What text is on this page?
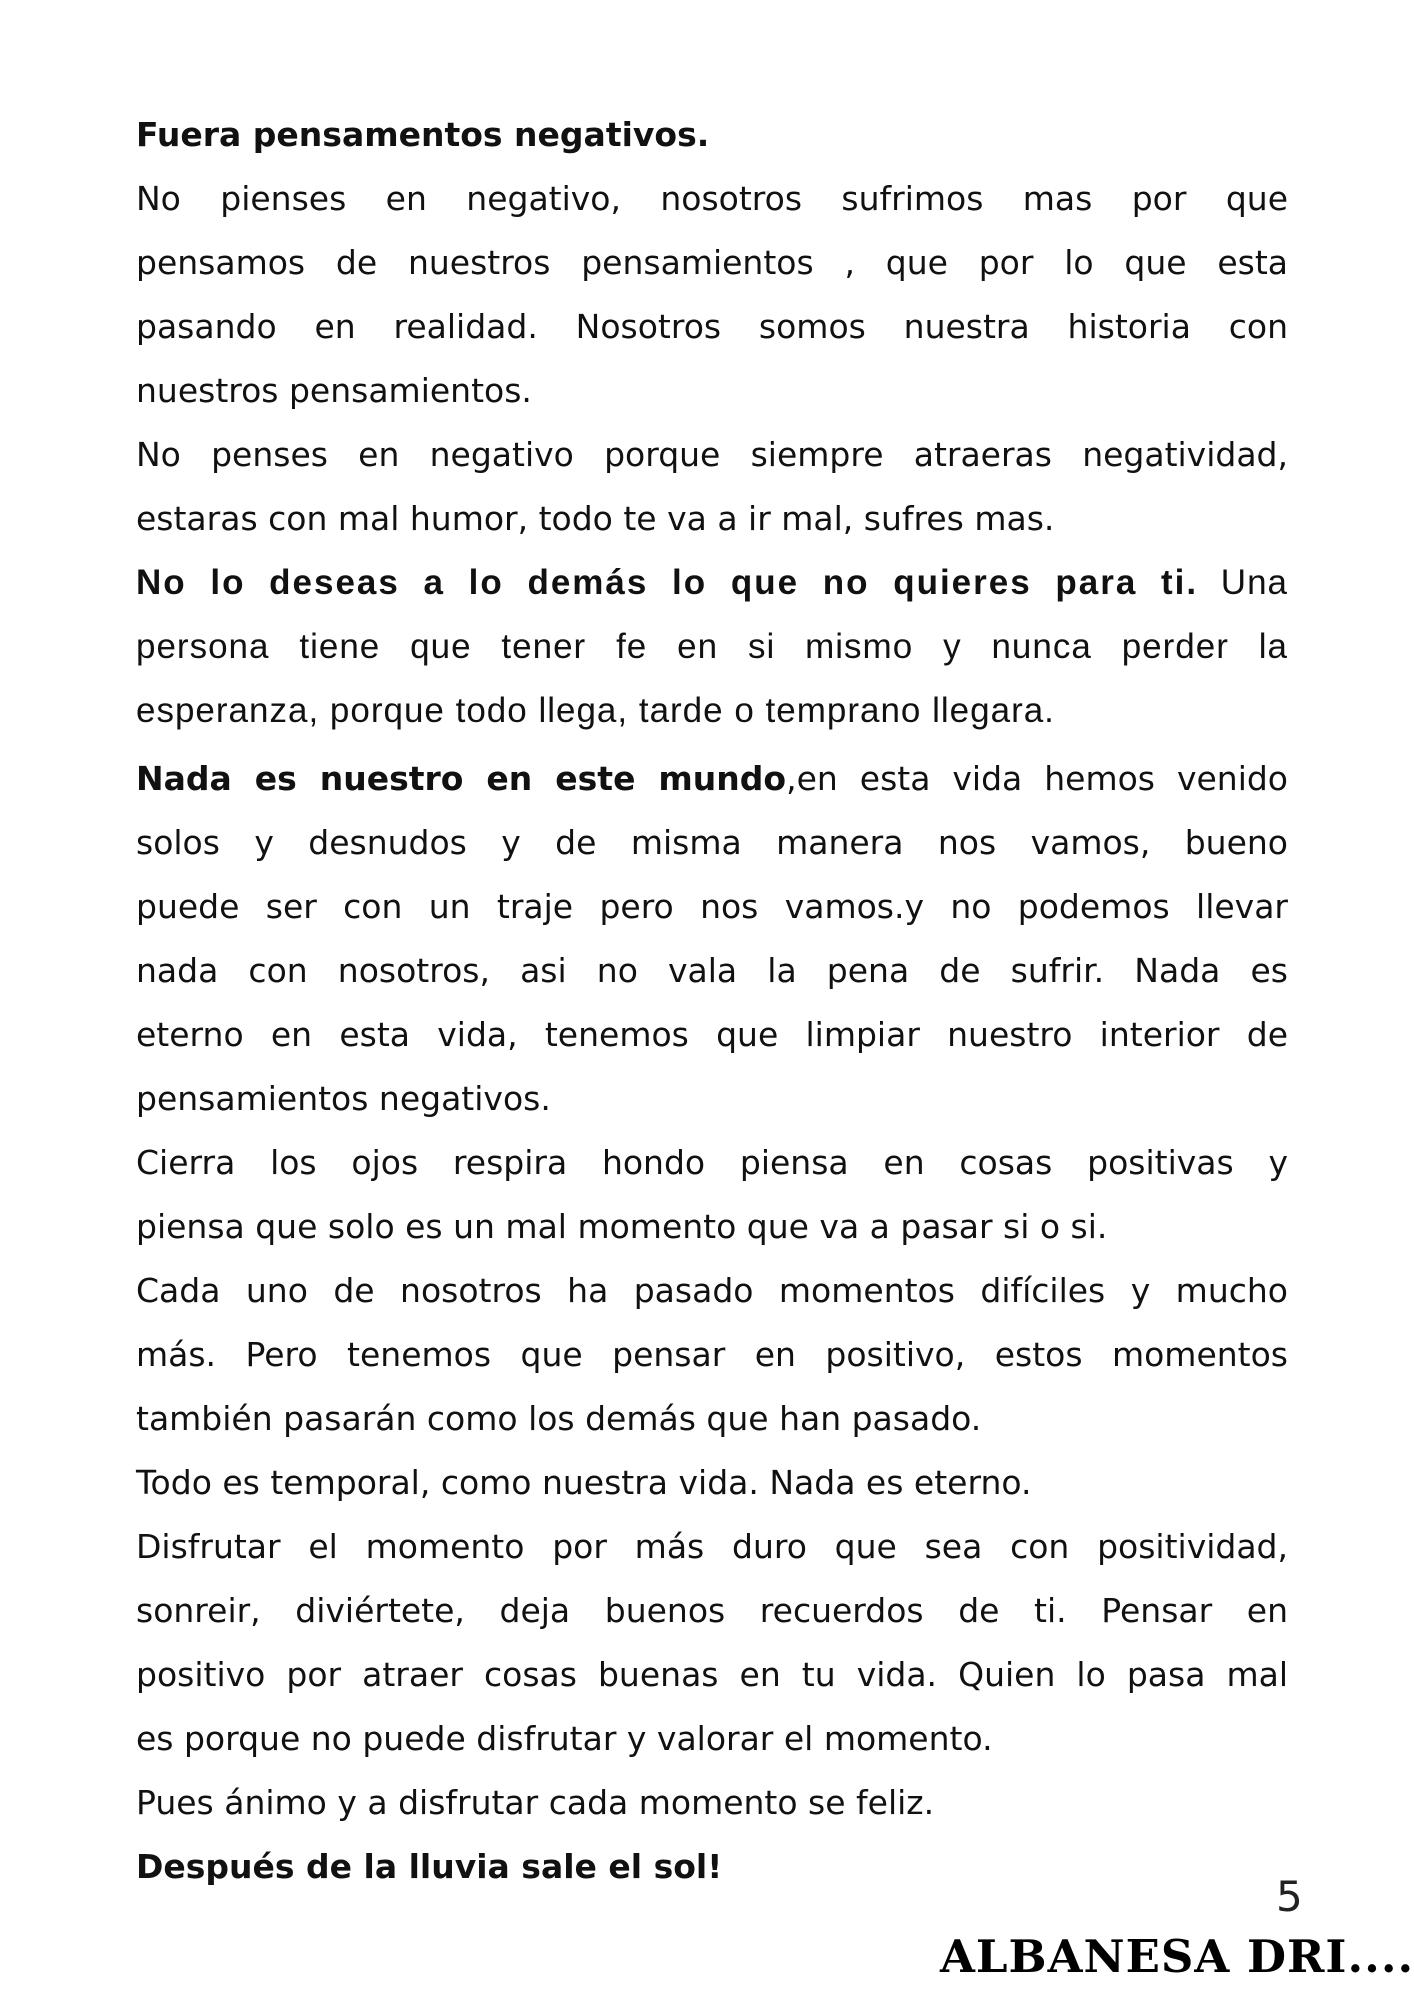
Fuera pensamentos negativos.
No pienses en negativo, nosotros sufrimos mas por que
pensamos de nuestros pensamientos , que por lo que esta
pasando en realidad. Nosotros somos nuestra historia con
nuestros pensamientos.
No penses en negativo porque siempre atraeras negatividad,
estaras con mal humor, todo te va a ir mal, sufres mas.
No lo deseas a lo demás lo que no quieres para ti. Una
persona tiene que tener fe en si mismo y nunca perder la
esperanza, porque todo llega, tarde o temprano llegara.
Nada es nuestro en este mundo,en esta vida hemos venido
solos y desnudos y de misma manera nos vamos, bueno
puede ser con un traje pero nos vamos.y no podemos llevar
nada con nosotros, asi no vala la pena de sufrir. Nada es
eterno en esta vida, tenemos que limpiar nuestro interior de
pensamientos negativos.
Cierra los ojos respira hondo piensa en cosas positivas y
piensa que solo es un mal momento que va a pasar si o si.
Cada uno de nosotros ha pasado momentos difíciles y mucho
más. Pero tenemos que pensar en positivo, estos momentos
también pasarán como los demás que han pasado.
Todo es temporal, como nuestra vida. Nada es eterno.
Disfrutar el momento por más duro que sea con positividad,
sonreir, diviértete, deja buenos recuerdos de ti. Pensar en
positivo por atraer cosas buenas en tu vida. Quien lo pasa mal
es porque no puede disfrutar y valorar el momento.
Pues ánimo y a disfrutar cada momento se feliz.
Después de la lluvia sale el sol!
5
ALBANESA DRI....
